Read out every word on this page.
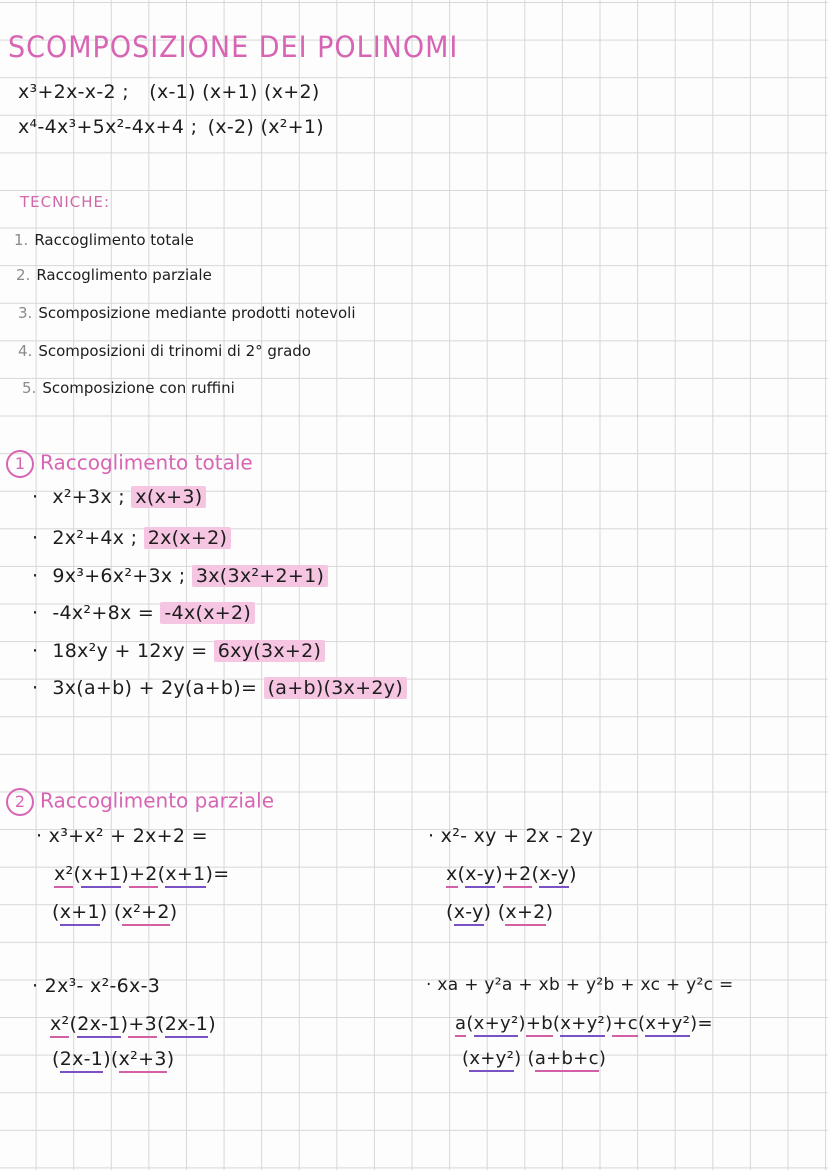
SCOMPOSIZIONE DEI POLINOMI
x³+2x-x-2 ; (x-1) (x+1) (x+2)
x⁴-4x³+5x²-4x+4 ; (x-2) (x²+1)
TECNICHE:
1. Raccoglimento totale
2. Raccoglimento parziale
3. Scomposizione mediante prodotti notevoli
4. Scomposizioni di trinomi di 2° grado
5. Scomposizione con ruffini
1 Raccoglimento totale
· x²+3x ; x(x+3)
· 2x²+4x ; 2x(x+2)
· 9x³+6x²+3x ; 3x(3x²+2+1)
· -4x²+8x = -4x(x+2)
· 18x²y + 12xy = 6xy(3x+2)
· 3x(a+b) + 2y(a+b)= (a+b)(3x+2y)
2 Raccoglimento parziale
· x³+x² + 2x+2 =
x²(x+1)+2(x+1)=
(x+1) (x²+2)
· x²- xy + 2x - 2y
x(x-y)+2(x-y)
(x-y) (x+2)
· 2x³- x²-6x-3
x²(2x-1)+3(2x-1)
(2x-1)(x²+3)
· xa + y²a + xb + y²b + xc + y²c =
a(x+y²)+b(x+y²)+c(x+y²)=
(x+y²) (a+b+c)
